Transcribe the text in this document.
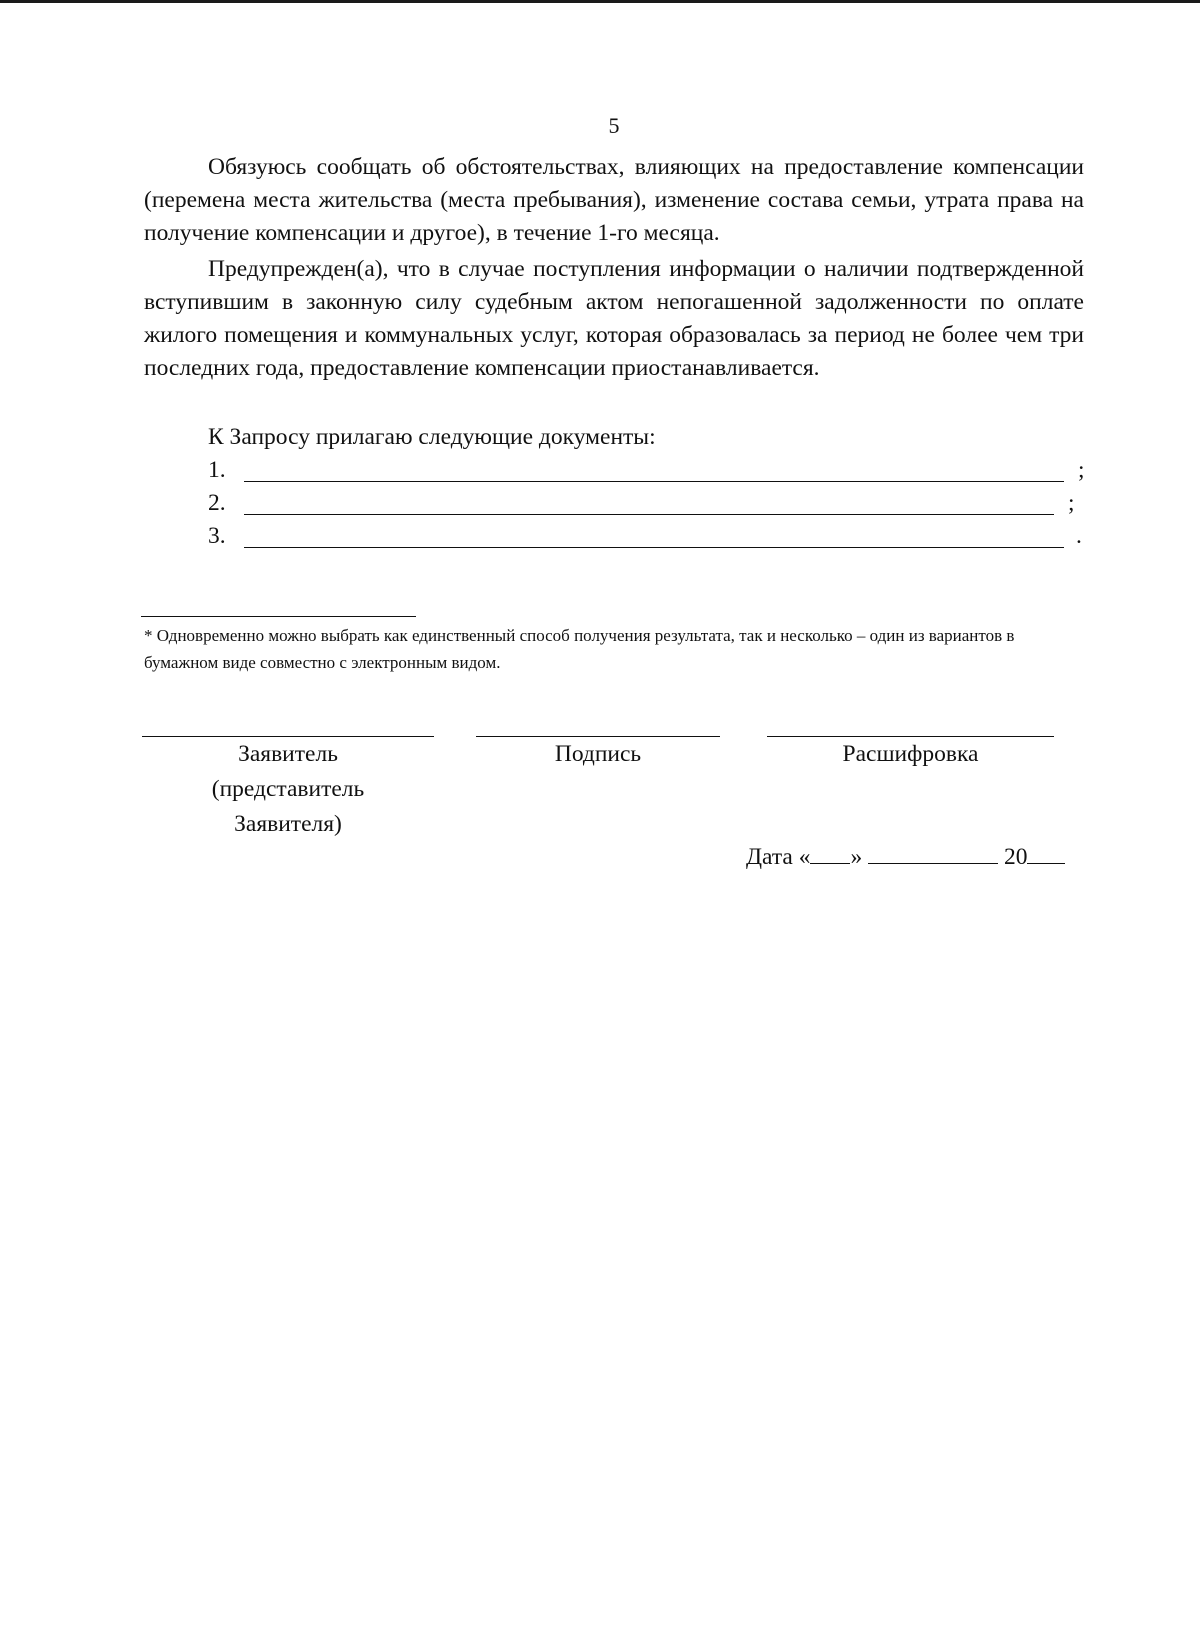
5
Обязуюсь сообщать об обстоятельствах, влияющих на предоставление компенсации (перемена места жительства (места пребывания), изменение состава семьи, утрата права на получение компенсации и другое), в течение 1-го месяца.
Предупрежден(а), что в случае поступления информации о наличии подтвержденной вступившим в законную силу судебным актом непогашенной задолженности по оплате жилого помещения и коммунальных услуг, которая образовалась за период не более чем три последних года, предоставление компенсации приостанавливается.
К Запросу прилагаю следующие документы:
1.	;
2.	;
3.	.
* Одновременно можно выбрать как единственный способ получения результата, так и несколько – один из вариантов в бумажном виде совместно с электронным видом.
Заявитель
(представитель
Заявителя)
Подпись	Расшифровка
Дата « »	20
